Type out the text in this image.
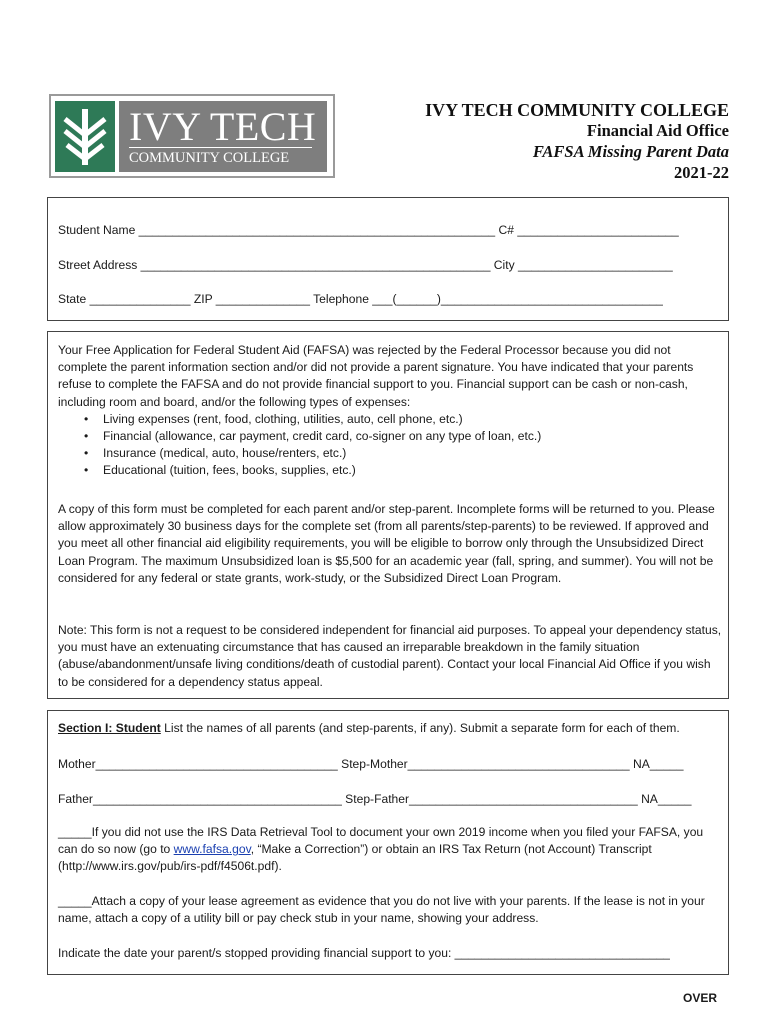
IVY TECH
COMMUNITY COLLEGE
IVY TECH COMMUNITY COLLEGE
Financial Aid Office
FAFSA Missing Parent Data
2021-22
Student Name _____________________________________________________ C# ________________________
Street Address ____________________________________________________ City _______________________
State _______________ ZIP ______________ Telephone ___(______)_________________________________
Your Free Application for Federal Student Aid (FAFSA) was rejected by the Federal Processor because you did not complete the parent information section and/or did not provide a parent signature. You have indicated that your parents refuse to complete the FAFSA and do not provide financial support to you. Financial support can be cash or non-cash, including room and board, and/or the following types of expenses:
• Living expenses (rent, food, clothing, utilities, auto, cell phone, etc.)
• Financial (allowance, car payment, credit card, co-signer on any type of loan, etc.)
• Insurance (medical, auto, house/renters, etc.)
• Educational (tuition, fees, books, supplies, etc.)
A copy of this form must be completed for each parent and/or step-parent. Incomplete forms will be returned to you. Please allow approximately 30 business days for the complete set (from all parents/step-parents) to be reviewed. If approved and you meet all other financial aid eligibility requirements, you will be eligible to borrow only through the Unsubsidized Direct Loan Program. The maximum Unsubsidized loan is $5,500 for an academic year (fall, spring, and summer). You will not be considered for any federal or state grants, work-study, or the Subsidized Direct Loan Program.
Note: This form is not a request to be considered independent for financial aid purposes. To appeal your dependency status, you must have an extenuating circumstance that has caused an irreparable breakdown in the family situation (abuse/abandonment/unsafe living conditions/death of custodial parent). Contact your local Financial Aid Office if you wish to be considered for a dependency status appeal.
Section I: Student List the names of all parents (and step-parents, if any). Submit a separate form for each of them.
Mother____________________________________ Step-Mother_________________________________ NA_____
Father_____________________________________ Step-Father__________________________________ NA_____
_____If you did not use the IRS Data Retrieval Tool to document your own 2019 income when you filed your FAFSA, you can do so now (go to www.fafsa.gov, “Make a Correction”) or obtain an IRS Tax Return (not Account) Transcript (http://www.irs.gov/pub/irs-pdf/f4506t.pdf).
_____Attach a copy of your lease agreement as evidence that you do not live with your parents. If the lease is not in your name, attach a copy of a utility bill or pay check stub in your name, showing your address.
Indicate the date your parent/s stopped providing financial support to you: ________________________________
OVER
